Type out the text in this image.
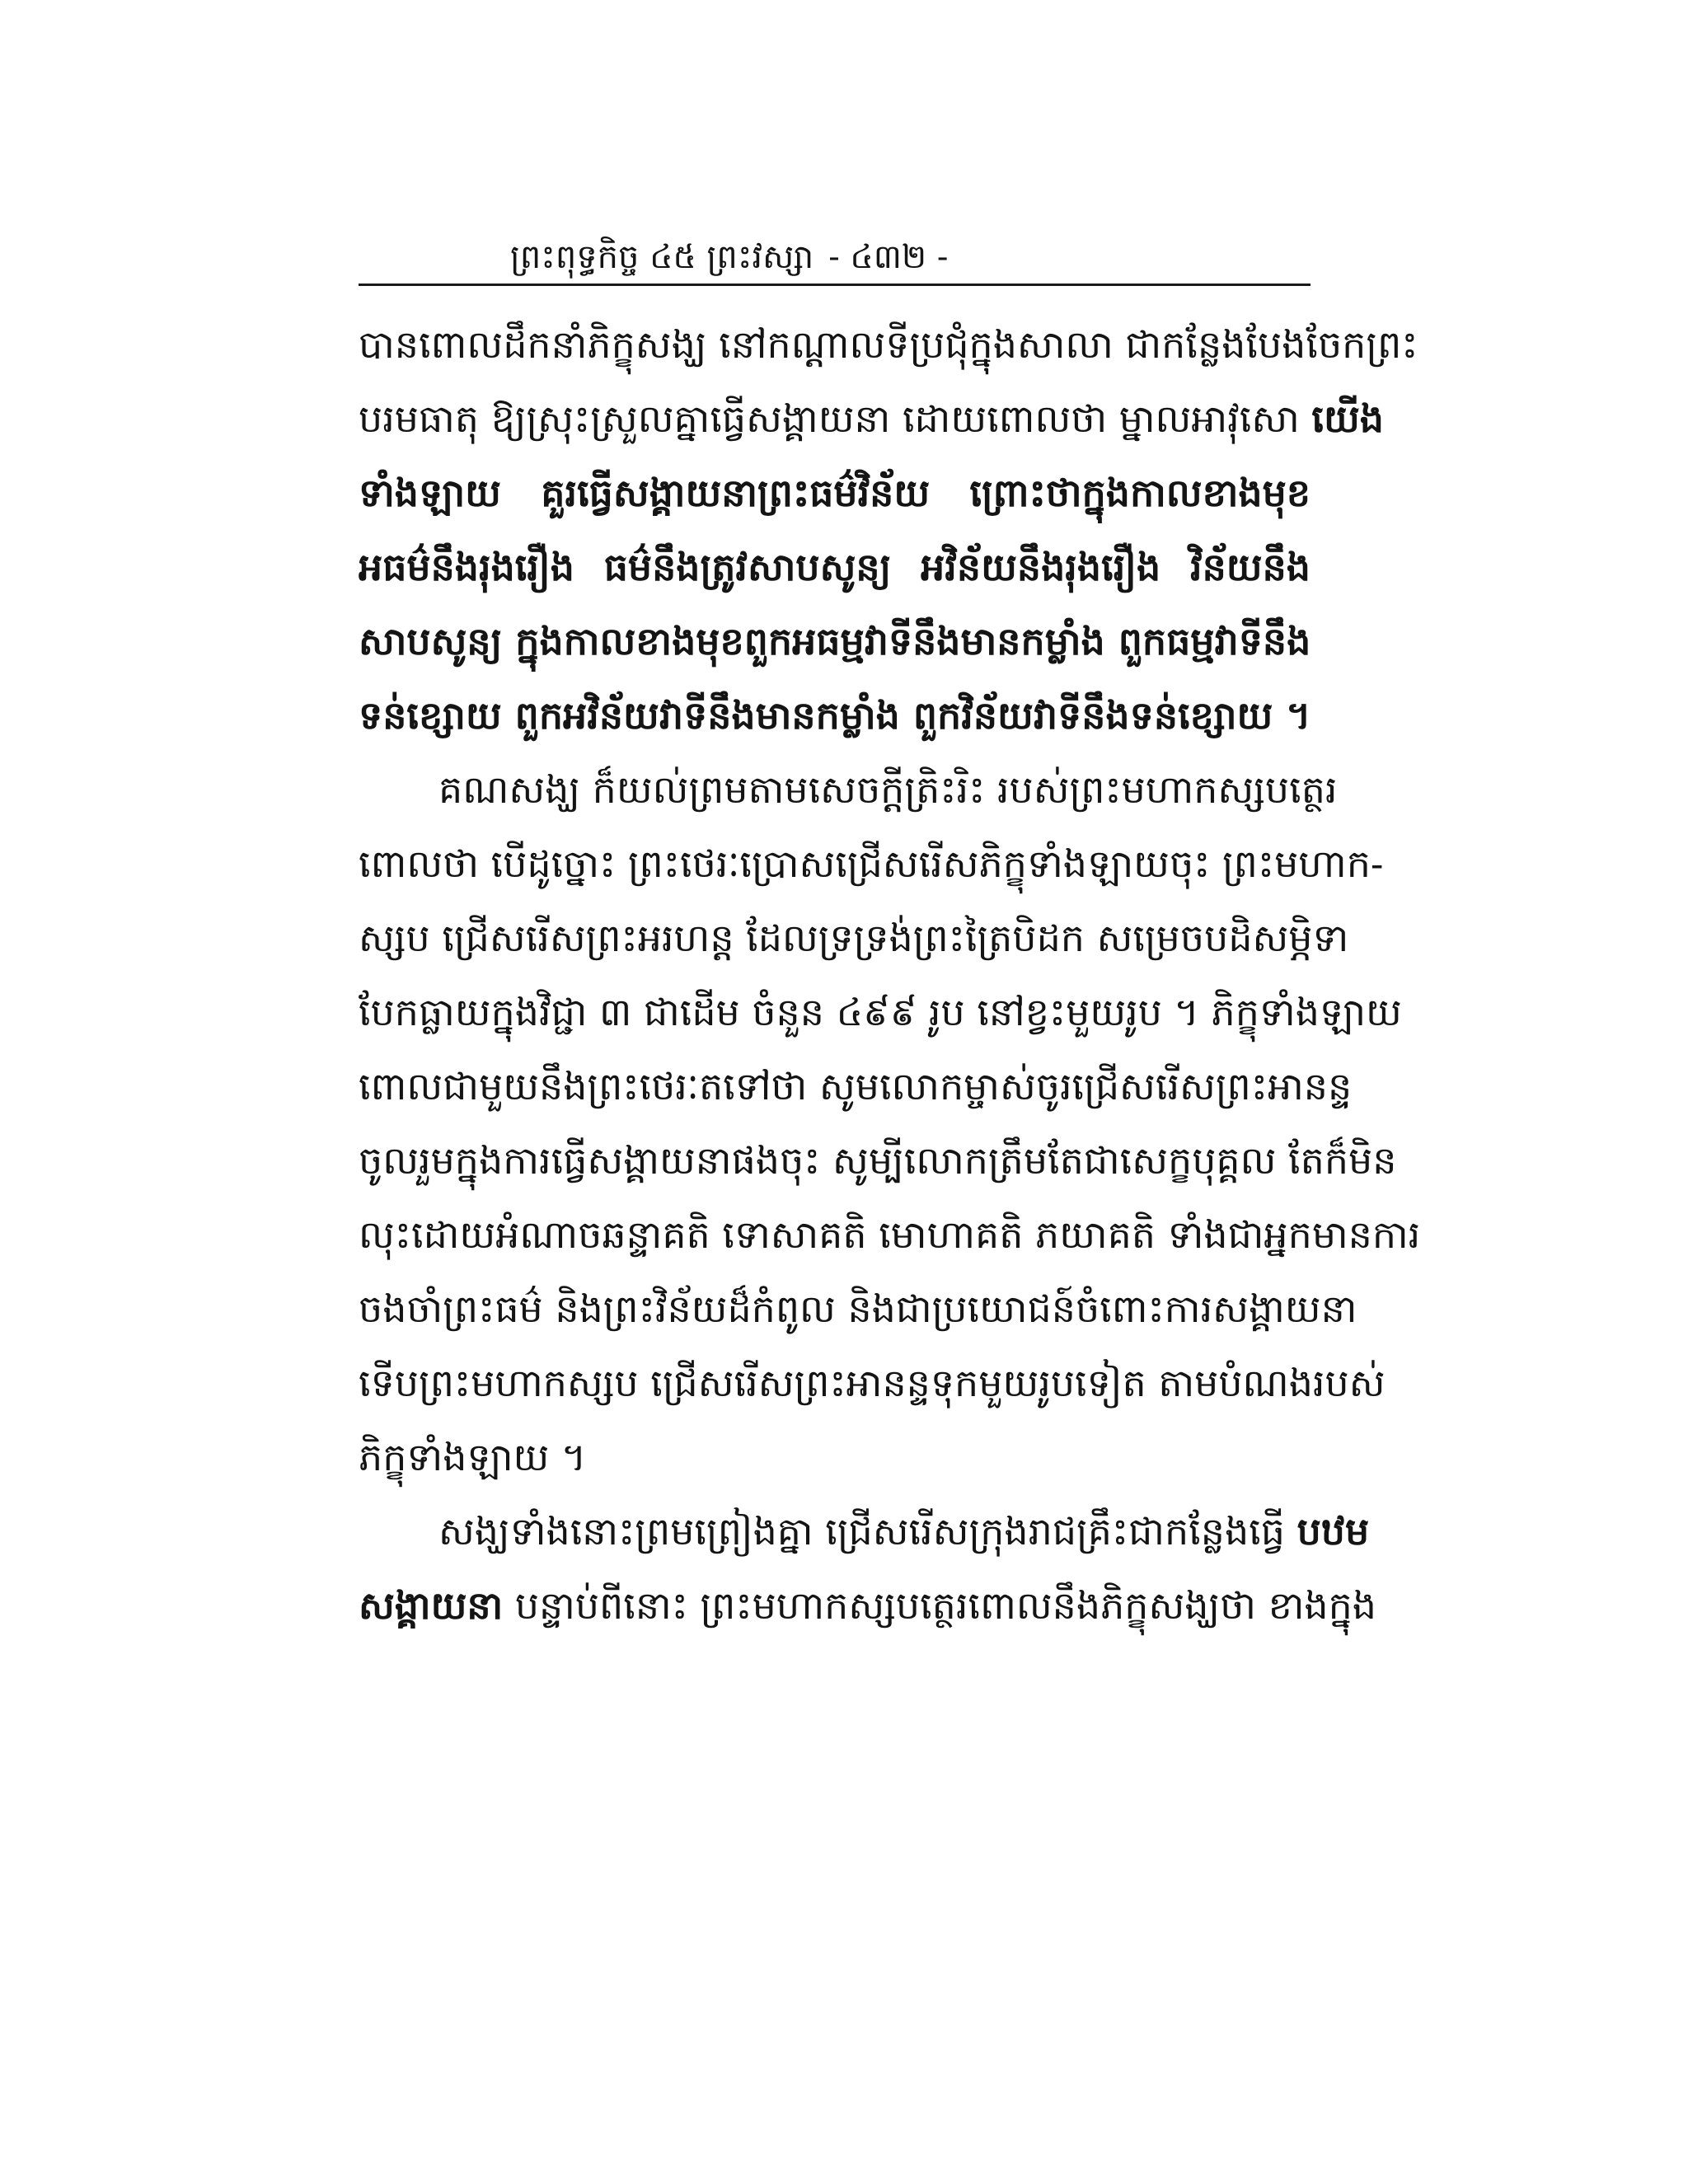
ព្រះពុទ្ធកិច្ច ៤៥ ព្រះវស្សា - ៤៣២ -
បានពោលដឹកនាំភិក្ខុសង្ឃ នៅកណ្តាលទីប្រជុំក្នុងសាលា ជាកន្លែងបែងចែកព្រះ
បរមធាតុ ឱ្យស្រុះស្រួលគ្នាធ្វើសង្គាយនា ដោយពោលថា ម្នាលអាវុសោ យើង
ទាំងឡាយ គួរធ្វើសង្គាយនាព្រះធម៌វិន័យ ព្រោះថាក្នុងកាលខាងមុខ
អធម៌នឹងរុងរឿង ធម៌នឹងត្រូវសាបសូន្យ អវិន័យនឹងរុងរឿង វិន័យនឹង
សាបសូន្យ ក្នុងកាលខាងមុខពួកអធម្មវាទីនឹងមានកម្លាំង ពួកធម្មវាទីនឹង
ទន់ខ្សោយ ពួកអវិន័យវាទីនឹងមានកម្លាំង ពួកវិន័យវាទីនឹងទន់ខ្សោយ ។
គណសង្ឃ ក៏យល់ព្រមតាមសេចក្តីត្រិះរិះ របស់ព្រះមហាកស្សបត្ថេរ
ពោលថា បើដូច្នោះ ព្រះថេរៈប្រោសជ្រើសរើសភិក្ខុទាំងឡាយចុះ ព្រះមហាក-
ស្សប ជ្រើសរើសព្រះអរហន្ត ដែលទ្រទ្រង់ព្រះត្រៃបិដក សម្រេចបដិសម្ភិទា
បែកធ្លាយក្នុងវិជ្ជា ៣ ជាដើម ចំនួន ៤៩៩ រូប នៅខ្វះមួយរូប ។ ភិក្ខុទាំងឡាយ
ពោលជាមួយនឹងព្រះថេរៈតទៅថា សូមលោកម្ចាស់ចូរជ្រើសរើសព្រះអានន្ទ
ចូលរួមក្នុងការធ្វើសង្គាយនាផងចុះ សូម្បីលោកត្រឹមតែជាសេក្ខបុគ្គល តែក៏មិន
លុះដោយអំណាចឆន្ទាគតិ ទោសាគតិ មោហាគតិ ភយាគតិ ទាំងជាអ្នកមានការ
ចងចាំព្រះធម៌ និងព្រះវិន័យដ៏កំពូល និងជាប្រយោជន៍ចំពោះការសង្គាយនា
ទើបព្រះមហាកស្សប ជ្រើសរើសព្រះអានន្ទទុកមួយរូបទៀត តាមបំណងរបស់
ភិក្ខុទាំងឡាយ ។
សង្ឃទាំងនោះព្រមព្រៀងគ្នា ជ្រើសរើសក្រុងរាជគ្រឹះជាកន្លែងធ្វើ បឋម
សង្គាយនា បន្ទាប់ពីនោះ ព្រះមហាកស្សបត្ថេរពោលនឹងភិក្ខុសង្ឃថា ខាងក្នុង
